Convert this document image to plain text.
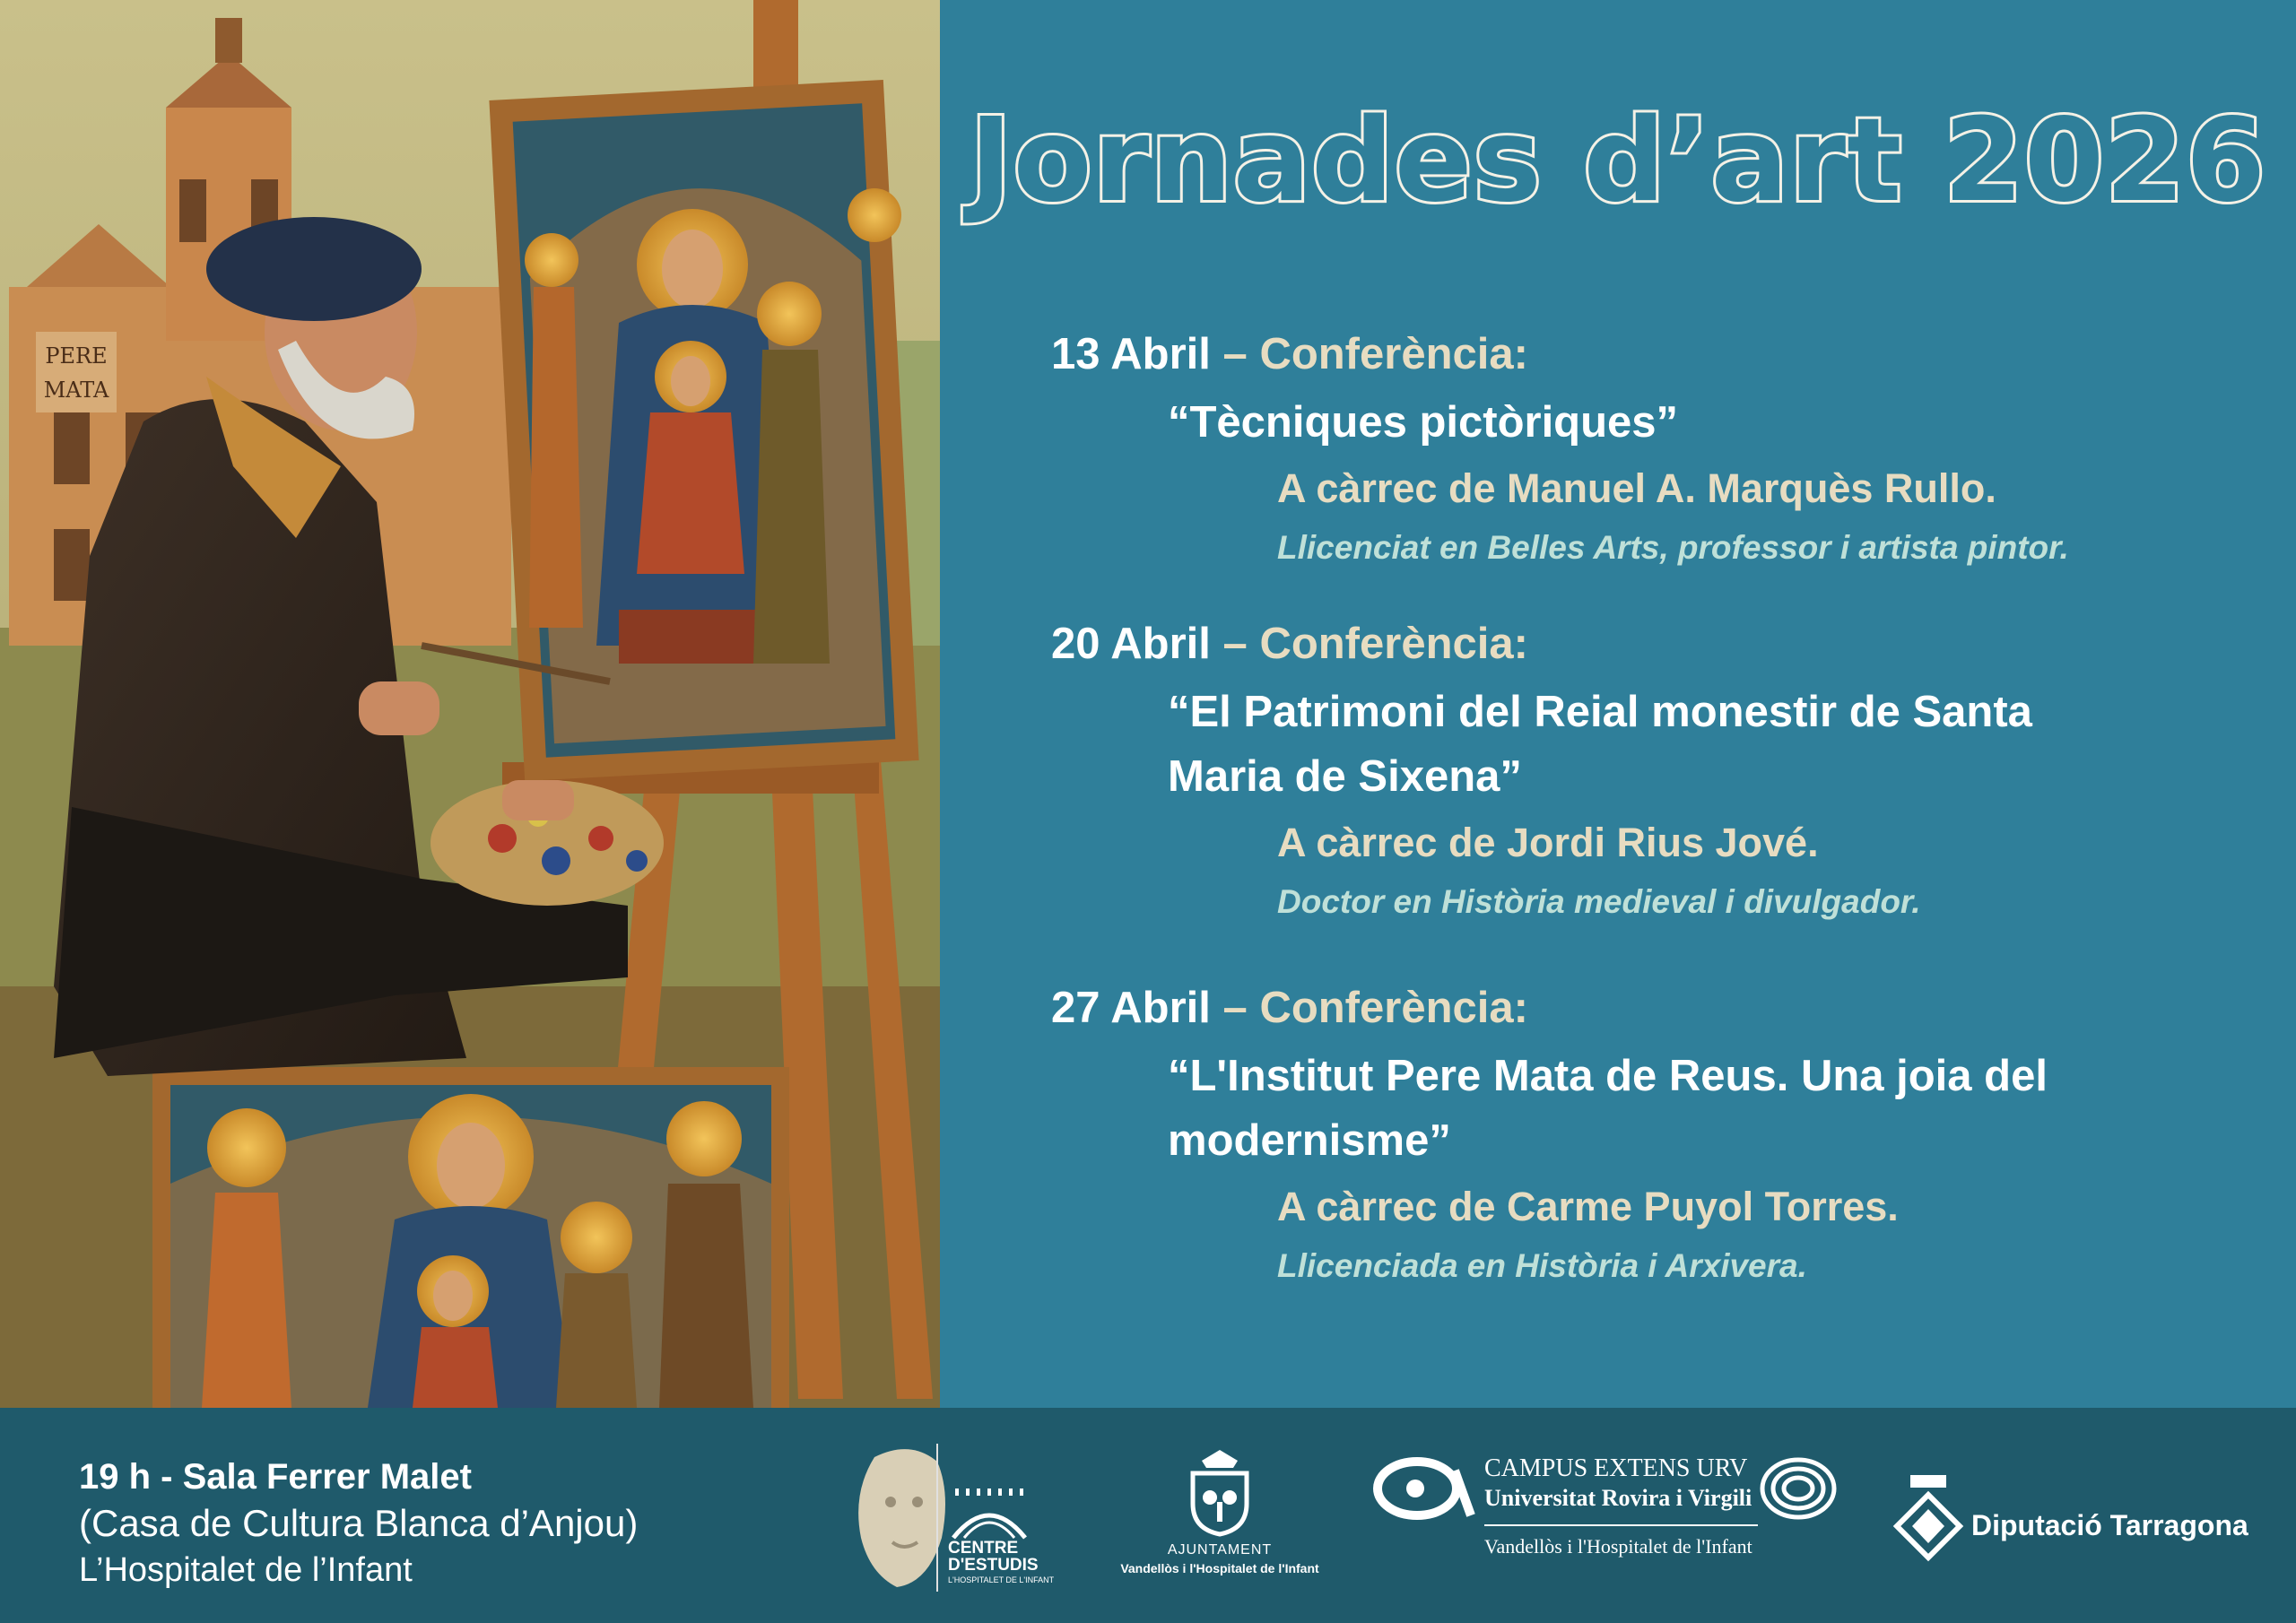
PERE
MATA
Jornades d’art 2026
13 Abril – Conferència:
“Tècniques pictòriques”
A càrrec de Manuel A. Marquès Rullo.
Llicenciat en Belles Arts, professor i artista pintor.
20 Abril – Conferència:
“El Patrimoni del Reial monestir de Santa
Maria de Sixena”
A càrrec de Jordi Rius Jové.
Doctor en Història medieval i divulgador.
27 Abril – Conferència:
“L'Institut Pere Mata de Reus. Una joia del
modernisme”
A càrrec de Carme Puyol Torres.
Llicenciada en Història i Arxivera.
19 h - Sala Ferrer Malet
(Casa de Cultura Blanca d’Anjou)
L’Hospitalet de l’Infant
CENTRE
D'ESTUDIS
L'HOSPITALET DE L'INFANT
AJUNTAMENT
Vandellòs i l'Hospitalet de l'Infant
CAMPUS EXTENS URV
Universitat Rovira i Virgili
Vandellòs i l'Hospitalet de l'Infant
Diputació Tarragona
